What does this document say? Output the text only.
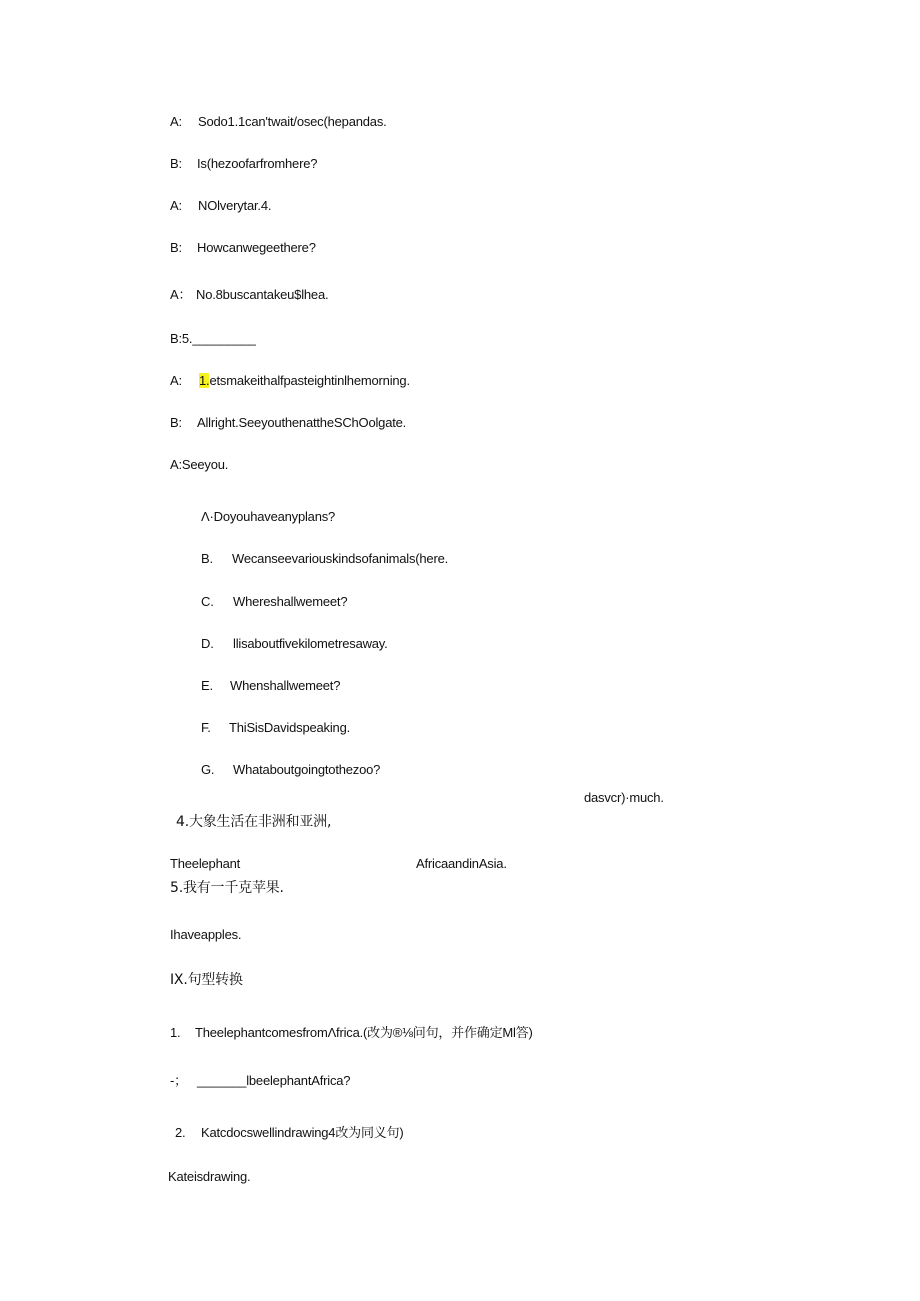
A: Sodo1.1can'twait/osec(hepandas.
B: Is(hezoofarfromhere?
A: NOlverytar.4.
B: Howcanwegeethere?
A： No.8buscantakeu$lhea.
B:5._________
A: 1.etsmakeithalfpasteightinlhemorning.
B: Allright.SeeyouthenattheSChOolgate.
A:Seeyou.
Λ·Doyouhaveanyplans?
B. Wecanseevariouskindsofanimals(here.
C. Whereshallwemeet?
D. llisaboutfivekilometresaway.
E. Whenshallwemeet?
F. ThiSisDavidspeaking.
G. Whataboutgoingtothezoo?
dasvcr)·much.
4.大象生活在非洲和亚洲,
Theelephant	AfricaandinAsia.
5.我有一千克苹果.
Ihaveapples.
IX.句型转换
1. TheelephantcomesfromΛfrica.(改为®⅛问句，并作确定Ml答)
-； _______lbeelephantAfrica?
2. Katcdocswellindrawing4改为同义句)
Kateisdrawing.
